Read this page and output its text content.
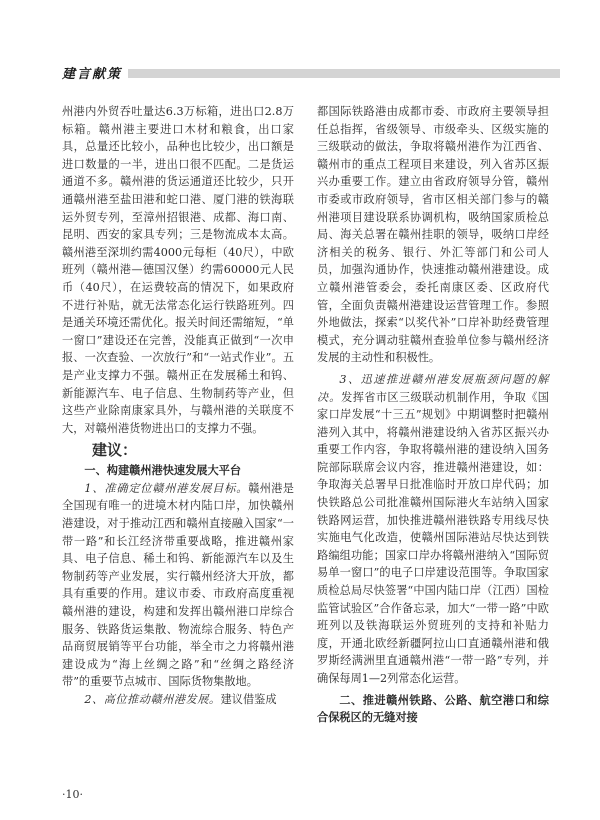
建言献策

州港内外贸吞吐量达6.3万标箱，进出口2.8万标箱。赣州港主要进口木材和粮食，出口家具，总量还比较小，品种也比较少，出口额是进口数量的一半，进出口很不匹配。二是货运通道不多。赣州港的货运通道还比较少，只开通赣州港至盐田港和蛇口港、厦门港的铁海联运外贸专列，至漳州招银港、成都、海口南、昆明、西安的家具专列；三是物流成本太高。赣州港至深圳约需4000元每柜（40尺），中欧班列（赣州港—德国汉堡）约需60000元人民币（40尺），在运费较高的情况下，如果政府不进行补贴，就无法常态化运行铁路班列。四是通关环境还需优化。报关时间还需缩短，“单一窗口”建设还在完善，没能真正做到“一次申报、一次查验、一次放行”和“一站式作业”。五是产业支撑力不强。赣州正在发展稀土和钨、新能源汽车、电子信息、生物制药等产业，但这些产业除南康家具外，与赣州港的关联度不大，对赣州港货物进出口的支撑力不强。

建议：

一、构建赣州港快速发展大平台

1、准确定位赣州港发展目标。赣州港是全国现有唯一的进境木材内陆口岸，加快赣州港建设，对于推动江西和赣州直接融入国家“一带一路”和长江经济带重要战略，推进赣州家具、电子信息、稀土和钨、新能源汽车以及生物制药等产业发展，实行赣州经济大开放，都具有重要的作用。建议市委、市政府高度重视赣州港的建设，构建和发挥出赣州港口岸综合服务、铁路货运集散、物流综合服务、特色产品商贸展销等平台功能，举全市之力将赣州港建设成为“海上丝绸之路”和“丝绸之路经济带”的重要节点城市、国际货物集散地。

2、高位推动赣州港发展。建议借鉴成

都国际铁路港由成都市委、市政府主要领导担任总指挥，省级领导、市级牵头、区级实施的三级联动的做法，争取将赣州港作为江西省、赣州市的重点工程项目来建设，列入省苏区振兴办重要工作。建立由省政府领导分管，赣州市委或市政府领导，省市区相关部门参与的赣州港项目建设联系协调机构，吸纳国家质检总局、海关总署在赣州挂职的领导，吸纳口岸经济相关的税务、银行、外汇等部门和公司人员，加强沟通协作，快速推动赣州港建设。成立赣州港管委会，委托南康区委、区政府代管，全面负责赣州港建设运营管理工作。参照外地做法，探索“以奖代补”口岸补助经费管理模式，充分调动驻赣州查验单位参与赣州经济发展的主动性和积极性。

3、迅速推进赣州港发展瓶颈问题的解决。发挥省市区三级联动机制作用，争取《国家口岸发展“十三五”规划》中期调整时把赣州港列入其中，将赣州港建设纳入省苏区振兴办重要工作内容，争取将赣州港的建设纳入国务院部际联席会议内容，推进赣州港建设，如：争取海关总署早日批准临时开放口岸代码；加快铁路总公司批准赣州国际港火车站纳入国家铁路网运营，加快推进赣州港铁路专用线尽快实施电气化改造，使赣州国际港站尽快达到铁路编组功能；国家口岸办将赣州港纳入“国际贸易单一窗口”的电子口岸建设范围等。争取国家质检总局尽快签署“中国内陆口岸（江西）国检监管试验区”合作备忘录，加大“一带一路”中欧班列以及铁海联运外贸班列的支持和补贴力度，开通北欧经新疆阿拉山口直通赣州港和俄罗斯经满洲里直通赣州港“一带一路”专列，并确保每周1—2列常态化运营。

二、推进赣州铁路、公路、航空港口和综合保税区的无缝对接

·10·
